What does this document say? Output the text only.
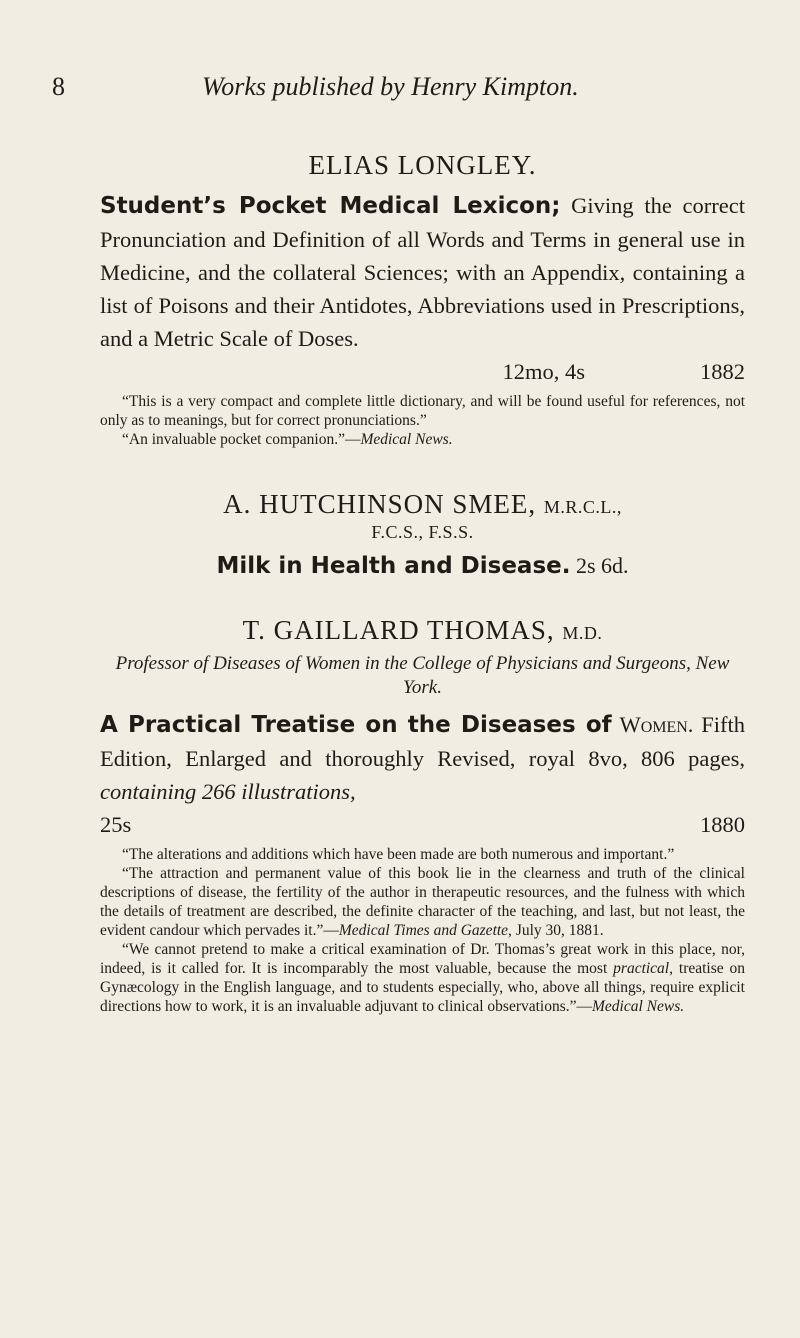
8	Works published by Henry Kimpton.

ELIAS LONGLEY.

Student’s Pocket Medical Lexicon; Giving the correct Pronunciation and Definition of all Words and Terms in general use in Medicine, and the collateral Sciences; with an Appendix, containing a list of Poisons and their Antidotes, Abbreviations used in Prescriptions, and a Metric Scale of Doses.

12mo, 4s	1882

“This is a very compact and complete little dictionary, and will be found useful for references, not only as to meanings, but for correct pronunciations.”

“An invaluable pocket companion.”—Medical News.

A. HUTCHINSON SMEE, M.R.C.L.,

F.C.S., F.S.S.

Milk in Health and Disease. 2s 6d.

T. GAILLARD THOMAS, M.D.

Professor of Diseases of Women in the College of Physicians and Surgeons, New York.

A Practical Treatise on the Diseases of Women. Fifth Edition, Enlarged and thoroughly Revised, royal 8vo, 806 pages, containing 266 illustrations,

25s	1880

“The alterations and additions which have been made are both numerous and important.”

“The attraction and permanent value of this book lie in the clearness and truth of the clinical descriptions of disease, the fertility of the author in therapeutic resources, and the fulness with which the details of treatment are described, the definite character of the teaching, and last, but not least, the evident candour which pervades it.”—Medical Times and Gazette, July 30, 1881.

“We cannot pretend to make a critical examination of Dr. Thomas’s great work in this place, nor, indeed, is it called for. It is incomparably the most valuable, because the most practical, treatise on Gynæcology in the English language, and to students especially, who, above all things, require explicit directions how to work, it is an invaluable adjuvant to clinical observations.”—Medical News.
